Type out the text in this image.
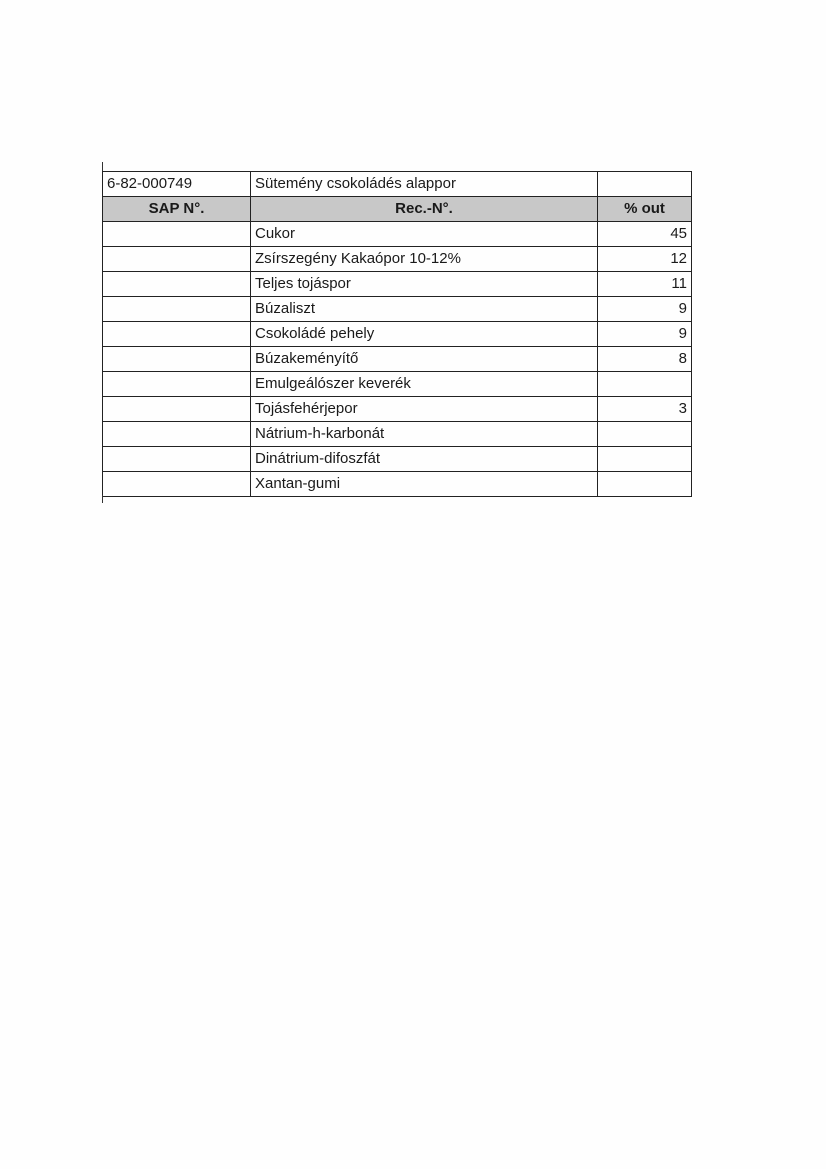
6-82-000749	Sütemény csokoládés alappor	
SAP N°.	Rec.-N°.	% out
	Cukor	45
	Zsírszegény Kakaópor 10-12%	12
	Teljes tojáspor	11
	Búzaliszt	9
	Csokoládé pehely	9
	Búzakeményítő	8
	Emulgeálószer keverék	
	Tojásfehérjepor	3
	Nátrium-h-karbonát	
	Dinátrium-difoszfát	
	Xantan-gumi	
